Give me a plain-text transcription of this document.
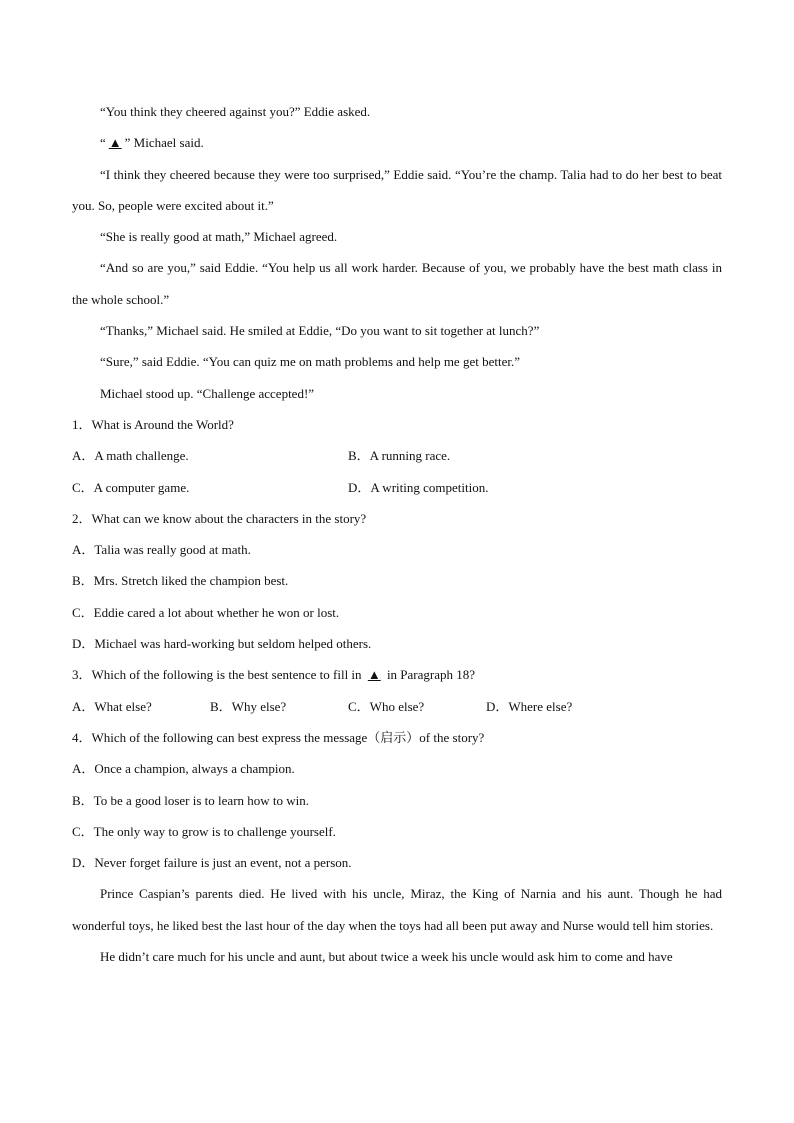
“You think they cheered against you?” Eddie asked.
“ ▲ ” Michael said.
“I think they cheered because they were too surprised,” Eddie said. “You’re the champ. Talia had to do her best to beat you. So, people were excited about it.”
“She is really good at math,” Michael agreed.
“And so are you,” said Eddie. “You help us all work harder. Because of you, we probably have the best math class in the whole school.”
“Thanks,” Michael said. He smiled at Eddie, “Do you want to sit together at lunch?”
“Sure,” said Eddie. “You can quiz me on math problems and help me get better.”
Michael stood up. “Challenge accepted!”
1．What is Around the World?
A．A math challenge.	B．A running race.
C．A computer game.	D．A writing competition.
2．What can we know about the characters in the story?
A．Talia was really good at math.
B．Mrs. Stretch liked the champion best.
C．Eddie cared a lot about whether he won or lost.
D．Michael was hard-working but seldom helped others.
3．Which of the following is the best sentence to fill in ▲ in Paragraph 18?
A．What else?	B．Why else?	C．Who else?	D．Where else?
4．Which of the following can best express the message（启示）of the story?
A．Once a champion, always a champion.
B．To be a good loser is to learn how to win.
C．The only way to grow is to challenge yourself.
D．Never forget failure is just an event, not a person.
Prince Caspian’s parents died. He lived with his uncle, Miraz, the King of Narnia and his aunt. Though he had wonderful toys, he liked best the last hour of the day when the toys had all been put away and Nurse would tell him stories.
He didn’t care much for his uncle and aunt, but about twice a week his uncle would ask him to come and have
